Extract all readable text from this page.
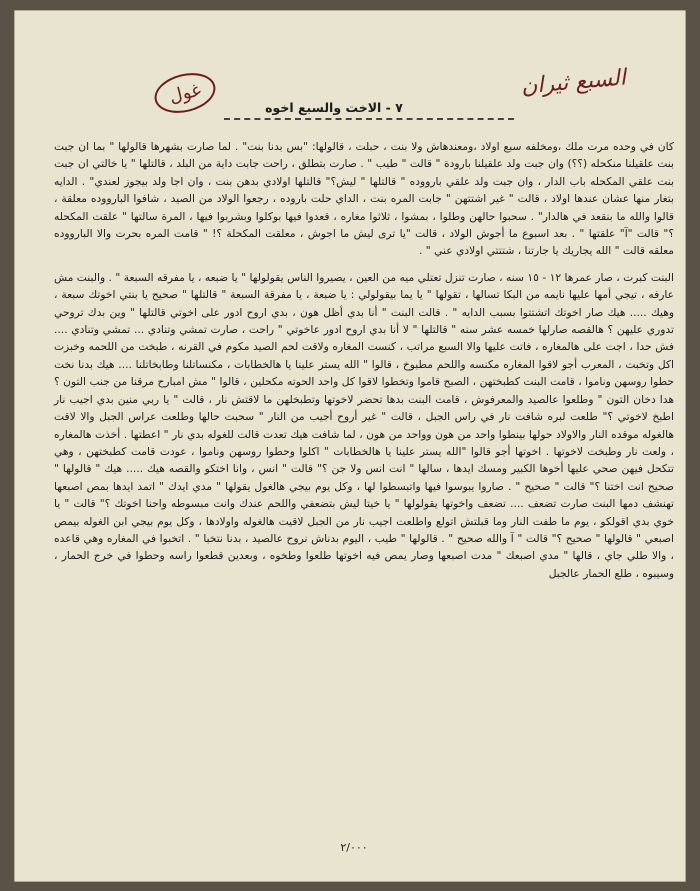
غول	السبع ثيران
٧ - الاخت والسبع اخوه

كان في وحده مرت ملك ،ومخلفه سبع اولاد ،ومعندهاش ولا بنت ، حبلت ، قالولها: "بس بدنا بنت" . لما صارت بشهرها قالولها " بما ان جبت بنت علقيلنا منكحله (؟؟) وان جبت ولد علقيلنا بارودة " قالت " طيب " . صارت بتطلق ، راحت جابت داية من البلد ، قالتلها " يا خالتي ان جبت بنت علقي المكحله باب الدار ، وان جبت ولد علقي بارووده " قالتلها " ليش؟" قالتلها اولادي بدهن بنت ، وان اجا ولد بيجوز لعندي" . الدايه بتغار منها عشان عندها اولاد ، قالت " غير اشتتهن " جابت المره بنت ، الداي حلت باروده ، رجعوا الولاد من الصيد ، شافوا البارووده معلقة ، قالوا والله ما بنقعد في هالدار" . سحبوا حالهن وطلوا ، بمشوا ، ثلاثوا مغاره ، قعدوا فيها بوكلوا وبشربوا فيها ، المرة سالتها " علقت المكحله ؟" قالت "آ" علقتها " . بعد اسبوع ما أجوش الولاد ، قالت "يا ترى ليش ما اجوش ، معلقت المكحلة ؟! " قامت المره بحرت والا البارووده معلقه قالت " الله يجاريك يا جارتنا ، شتتتي اولادي عني " .

البنت كبرت ، صار عمرها ١٢ - ١٥ سنه ، صارت تنزل تعتلي ميه من العين ، يصيروا الناس يقولولها " يا ضبعه ، يا مفرقه السبعة " . والبنت مش عارفه ، تيجي أمها عليها نايمه من البكا تسالها ، تقولها " يا يما بيقولولي : يا ضبعة ، يا مفرقة السبعة " قالتلها " صحيح يا بنتي اخوتك سبعة ، وهيك ..... هيك صار اخوتك اتشتتوا بسبب الدايه " . قالت البنت " أنا بدي أظل هون ، بدي اروح ادور على اخوتي قالتلها " وين بدك تروحي تدوري عليهن ؟ هالقصه صارلها خمسه عشر سنه " قالتلها " لا أنا بدي اروح ادور عاخوتي " راحت ، صارت تمشي وتنادي ... تمشي وتنادي .... فش حدا ، اجت على هالمغاره ، فاتت عليها والا السبع مراتب ، كنست المغاره ولاقت لحم الصيد مكوم في القرنه ، طبخت من اللحمه وخبزت اكل وتخبت ، المعرب أجو لاقوا المغاره مكنسه واللحم مطبوخ ، قالوا " الله يستر علينا يا هالخطابات ، مكنساتلنا وطابخاتلنا .... هيك بدنا نخت حطوا روسهن وناموا ، قامت البنت كطبختهن ، الصبح قاموا وتخطوا لاقوا كل واحد الحوته مكحلين ، قالوا " مش امبارح مرقنا من جنب التون ؟ هدا دخان التون " وطلعوا عالصيد والمعرفوش ، قامت البنت بدها تحضر لاخوتها وتطبخلهن ما لاقتش نار ، قالت " يا ربي منين بدي اجيب نار اطبخ لاخوتي ؟" طلعت لبره شافت نار في راس الجبل ، قالت " غير أروح أجيب من النار " سحبت حالها وطلعت عراس الجبل والا لاقت هالغوله موقده النار والاولاد حولها بينطوا واحد من هون وواحد من هون ، لما شافت هيك تعدت قالت للغوله بدي نار " اعطتها . أخذت هالمغاره ، ولعت نار وطبخت لاخوتها . اخوتها أجو قالوا "الله يستر علينا يا هالخطابات " اكلوا وحطوا روسهن وناموا ، عودت قامت كطبختهن ، وهي تتكحل فيهن صحي عليها أخوها الكبير ومسك ايدها ، سالها " انت انس ولا جن ؟" قالت " انس ، وانا اختكو والقصه هيك ..... هيك " قالولها " صحيح انت اختنا ؟" قالت " صحيح " . صاروا يبوسوا فيها واتبسطوا لها ، وكل يوم بيجي هالغول يقولها " مدي ايدك " اتمد ايدها بمص اصبعها تهنشف دمها البنت صارت تضعف .... تضعف واخوتها يقولولها " يا خيتا ليش بتضعفي واللحم عندك وانت مبسوطه واحنا اخوتك ؟" قالت " يا خوي بدي اقولكو ، يوم ما طفت النار وما قبلتش اتولع واطلعت اجيب نار من الجبل لاقيت هالغوله واولادها ، وكل يوم بيجي ابن الغوله بيمص اصبعي " قالولها " صحيح ؟" قالت " آ والله صحيح " . قالولها " طيب ، اليوم بدناش نروح عالصيد ، بدنا نتخبا " . اتخبوا في المغاره وهي قاعده ، والا طلي جاي ، قالها " مدي اصبعك " مدت اصبعها وصار يمص فيه اخوتها طلعوا وطخوه ، وبعدين قطعوا راسه وحطوا في خرج الحمار ، وسيبوه ، طلع الحمار عالجبل

٢/٠٠٠
